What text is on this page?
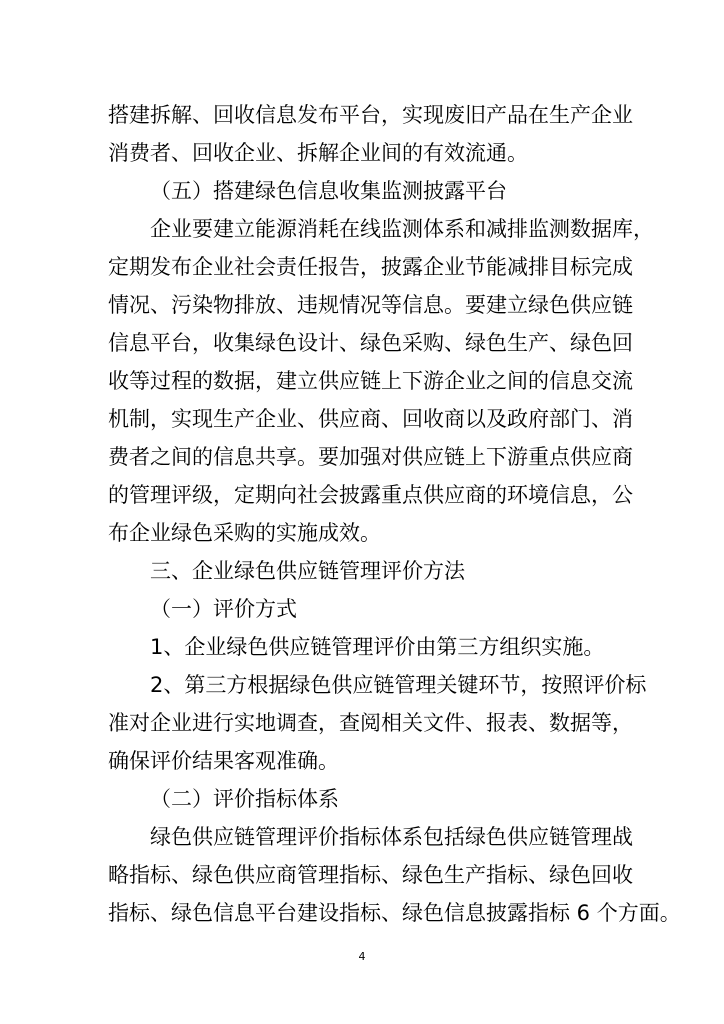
搭建拆解、回收信息发布平台，实现废旧产品在生产企业
消费者、回收企业、拆解企业间的有效流通。
（五）搭建绿色信息收集监测披露平台
企业要建立能源消耗在线监测体系和减排监测数据库，
定期发布企业社会责任报告，披露企业节能减排目标完成
情况、污染物排放、违规情况等信息。要建立绿色供应链
信息平台，收集绿色设计、绿色采购、绿色生产、绿色回
收等过程的数据，建立供应链上下游企业之间的信息交流
机制，实现生产企业、供应商、回收商以及政府部门、消
费者之间的信息共享。要加强对供应链上下游重点供应商
的管理评级，定期向社会披露重点供应商的环境信息，公
布企业绿色采购的实施成效。
三、企业绿色供应链管理评价方法
（一）评价方式
1、企业绿色供应链管理评价由第三方组织实施。
2、第三方根据绿色供应链管理关键环节，按照评价标
准对企业进行实地调查，查阅相关文件、报表、数据等，
确保评价结果客观准确。
（二）评价指标体系
绿色供应链管理评价指标体系包括绿色供应链管理战
略指标、绿色供应商管理指标、绿色生产指标、绿色回收
指标、绿色信息平台建设指标、绿色信息披露指标 6 个方面。
4
